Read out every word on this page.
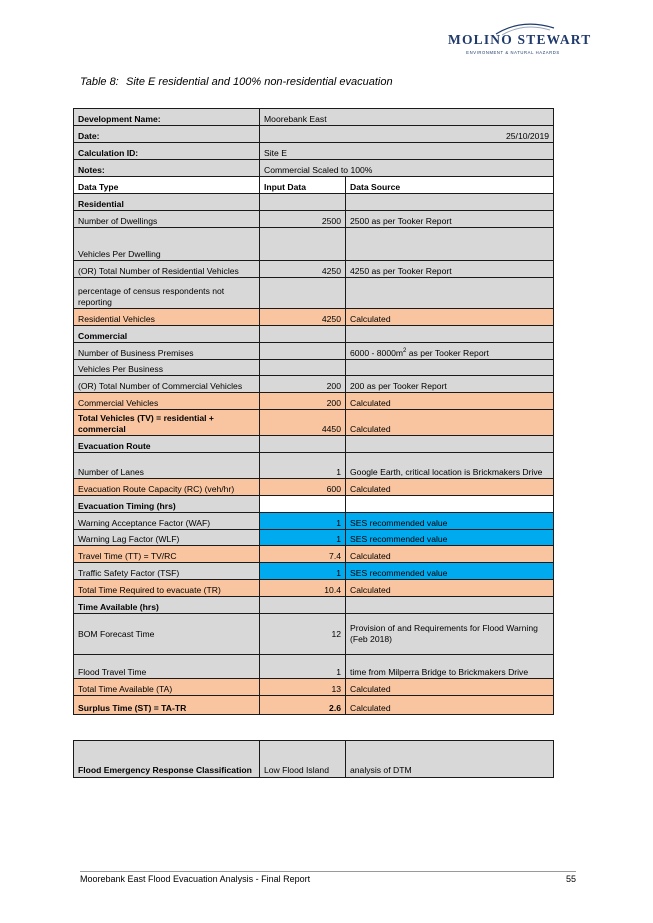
MOLINO STEWART
ENVIRONMENT & NATURAL HAZARDS
Table 8: Site E residential and 100% non-residential evacuation
Development Name:	Moorebank East	
Date:	25/10/2019	
Calculation ID:	Site E	
Notes:	Commercial Scaled to 100%	
Data Type	Input Data	Data Source
Residential		
Number of Dwellings	2500	2500 as per Tooker Report
Vehicles Per Dwelling		
(OR) Total Number of Residential Vehicles	4250	4250 as per Tooker Report
percentage of census respondents not reporting		
Residential Vehicles	4250	Calculated
Commercial		
Number of Business Premises		$6000 - 8000m^2$ as per Tooker Report
Vehicles Per Business		
(OR) Total Number of Commercial Vehicles	200	200 as per Tooker Report
Commercial Vehicles	200	Calculated
Total Vehicles (TV) = residential + commercial	4450	Calculated
Evacuation Route		
Number of Lanes	1	Google Earth, critical location is Brickmakers Drive
Evacuation Route Capacity (RC) (veh/hr)	600	Calculated
Evacuation Timing (hrs)		
Warning Acceptance Factor (WAF)	1	SES recommended value
Warning Lag Factor (WLF)	1	SES recommended value
Travel Time (TT) = TV/RC	7.4	Calculated
Traffic Safety Factor (TSF)	1	SES recommended value
Total Time Required to evacuate (TR)	10.4	Calculated
Time Available (hrs)		
BOM Forecast Time	12	Provision of and Requirements for Flood Warning (Feb 2018)
Flood Travel Time	1	time from Milperra Bridge to Brickmakers Drive
Total Time Available (TA)	13	Calculated
Surplus Time (ST) = TA-TR	2.6	Calculated
Flood Emergency Response Classification	Low Flood Island	analysis of DTM
Moorebank East Flood Evacuation Analysis - Final Report	55
